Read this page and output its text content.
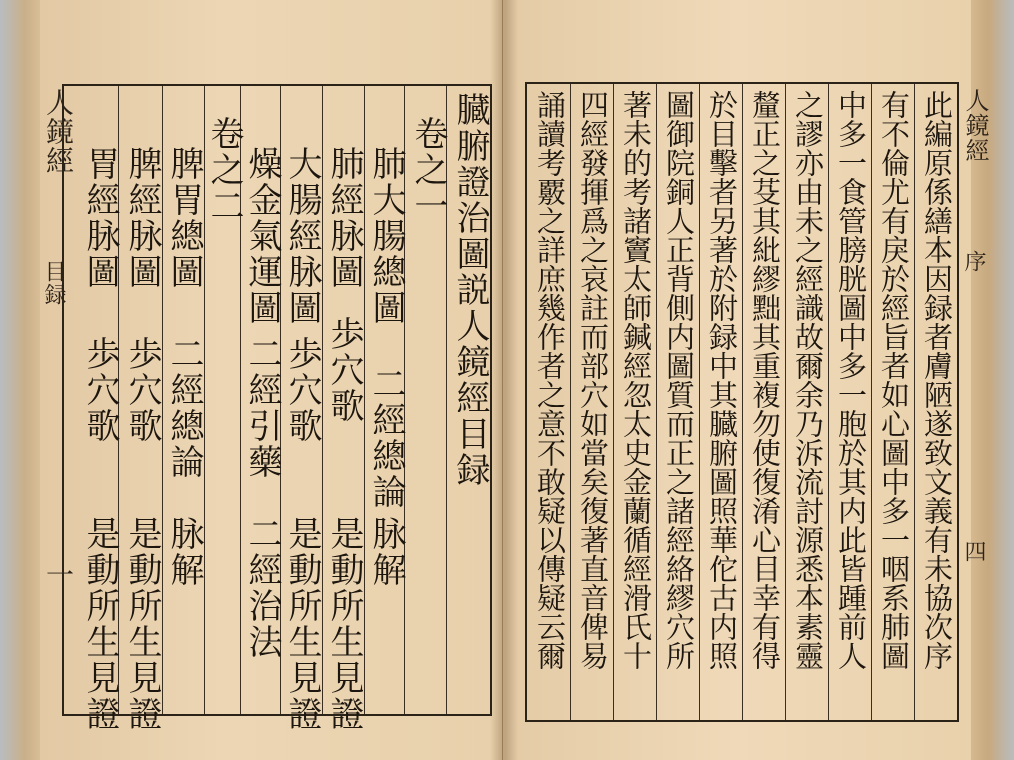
人鏡經
目録
一
臓腑證治圖説人鏡經目録
卷之一
肺大腸總圖
二經總論
肺經脉圖
歩穴歌
脉解
是動所生見證
大腸經脉圖
歩穴歌
是動所生見證
燥金氣運圖
二經引藥
二經治法
卷之二
脾胃總圖
二經總論
脉解
脾經脉圖
歩穴歌
是動所生見證
胃經脉圖
歩穴歌
是動所生見證	此編原係繕本因録者膚陋遂致文義有未協次序
有不倫尤有戾於經旨者如心圖中多一咽系肺圖
中多一食管膀胱圖中多一胞於其内此皆踵前人
之謬亦由未之經識故爾余乃泝流討源悉本素靈
釐正之芟其紕繆黜其重複勿使復淆心目幸有得
於目擊者另著於附録中其臓腑圖照華佗古内照
圖御院銅人正背側内圖質而正之諸經絡繆穴所
著未的考諸竇太師鍼經忽太史金蘭循經滑氏十
四經發揮爲之哀註而部穴如當矣復著直音俾易
誦讀考覈之詳庶幾作者之意不敢疑以傳疑云爾	人鏡經
序
四
